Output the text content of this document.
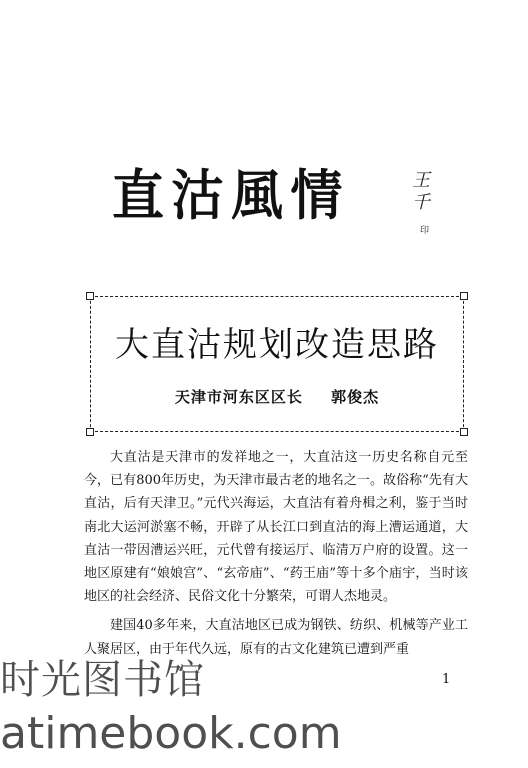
直沽風情	王千
印
大直沽规划改造思路
天津市河东区区长 郭俊杰

大直沽是天津市的发祥地之一，大直沽这一历史名称自元至今，已有800年历史，为天津市最古老的地名之一。故俗称“先有大直沽，后有天津卫。”元代兴海运，大直沽有着舟楫之利，鉴于当时南北大运河淤塞不畅，开辟了从长江口到直沽的海上漕运通道，大直沽一带因漕运兴旺，元代曾有接运厅、临清万户府的设置。这一地区原建有“娘娘宫”、“玄帝庙”、“药王庙”等十多个庙宇，当时该地区的社会经济、民俗文化十分繁荣，可谓人杰地灵。

建国40多年来，大直沽地区已成为钢铁、纺织、机械等产业工人聚居区，由于年代久远，原有的古文化建筑已遭到严重

1
时光图书馆
atimebook.com
